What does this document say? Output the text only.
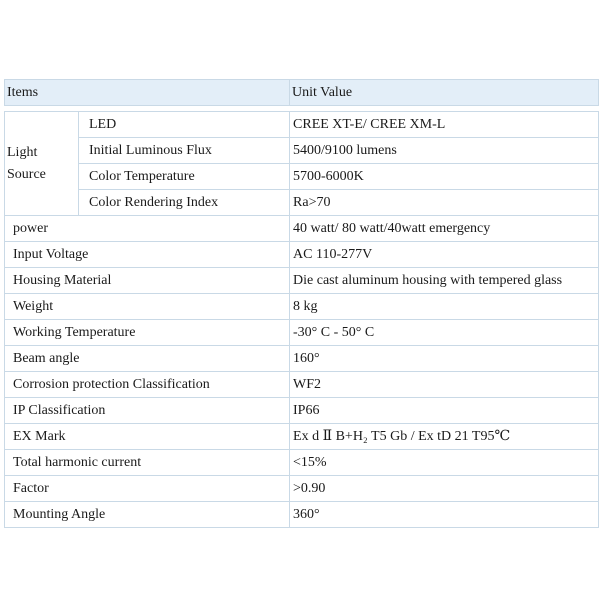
Items		Unit Value

Light
Source	LED	CREE XT-E/ CREE XM-L
	Initial Luminous Flux	5400/9100 lumens
	Color Temperature	5700-6000K
	Color Rendering Index	Ra>70
power		40 watt/ 80 watt/40watt emergency
Input Voltage		AC 110-277V
Housing Material		Die cast aluminum housing with tempered glass
Weight		8 kg
Working Temperature		-30° C - 50° C
Beam angle		160°
Corrosion protection Classification		WF2
IP Classification		IP66
EX Mark		Ex d Ⅱ B+H₂ T5 Gb / Ex tD 21 T95℃
Total harmonic current		<15%
Factor		>0.90
Mounting Angle		360°
